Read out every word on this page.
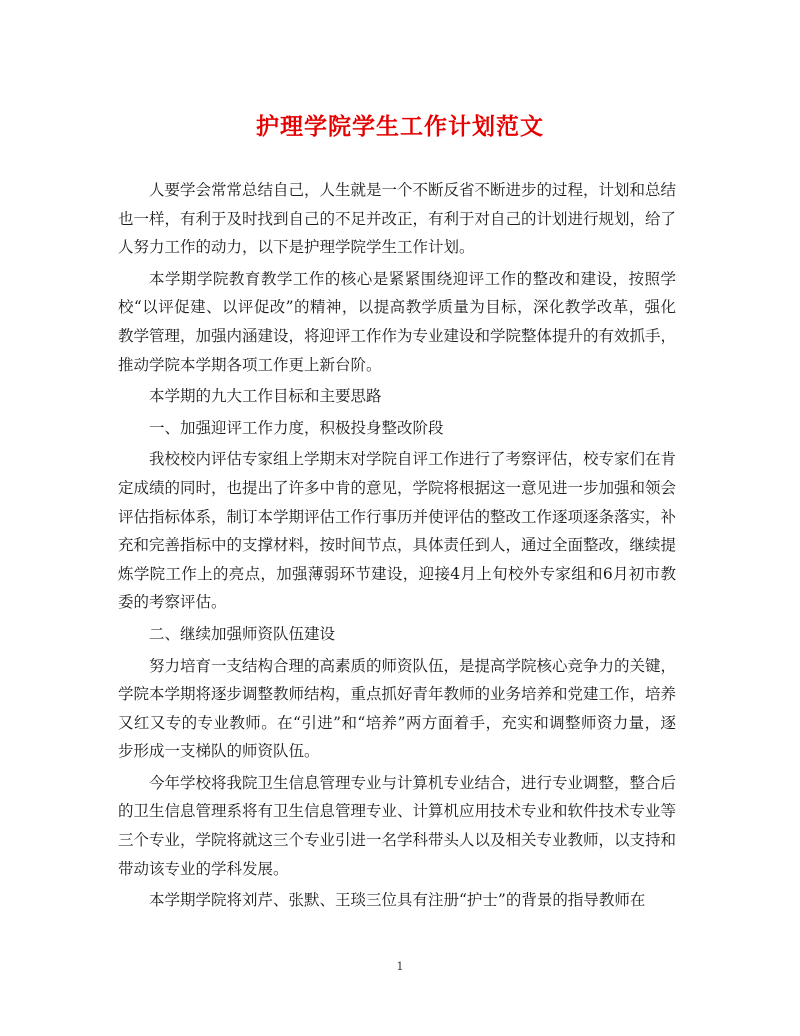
护理学院学生工作计划范文

人要学会常常总结自己，人生就是一个不断反省不断进步的过程，计划和总结也一样，有利于及时找到自己的不足并改正，有利于对自己的计划进行规划，给了人努力工作的动力，以下是护理学院学生工作计划。

本学期学院教育教学工作的核心是紧紧围绕迎评工作的整改和建设，按照学校“以评促建、以评促改”的精神，以提高教学质量为目标，深化教学改革，强化教学管理，加强内涵建设，将迎评工作作为专业建设和学院整体提升的有效抓手，推动学院本学期各项工作更上新台阶。

本学期的九大工作目标和主要思路

一、加强迎评工作力度，积极投身整改阶段

我校校内评估专家组上学期末对学院自评工作进行了考察评估，校专家们在肯定成绩的同时，也提出了许多中肯的意见，学院将根据这一意见进一步加强和领会 评估指标体系，制订本学期评估工作行事历并使评估的整改工作逐项逐条落实，补充和完善指标中的支撑材料，按时间节点，具体责任到人，通过全面整改，继续提 炼学院工作上的亮点，加强薄弱环节建设，迎接4月上旬校外专家组和6月初市教委的考察评估。

二、继续加强师资队伍建设

努力培育一支结构合理的高素质的师资队伍，是提高学院核心竞争力的关键，学院本学期将逐步调整教师结构，重点抓好青年教师的业务培养和党建工作，培养又红又专的专业教师。在“引进”和“培养”两方面着手，充实和调整师资力量，逐步形成一支梯队的师资队伍。

今年学校将我院卫生信息管理专业与计算机专业结合，进行专业调整，整合后的卫生信息管理系将有卫生信息管理专业、计算机应用技术专业和软件技术专业等三个专业，学院将就这三个专业引进一名学科带头人以及相关专业教师，以支持和带动该专业的学科发展。

本学期学院将刘芹、张默、王琰三位具有注册“护士”的背景的指导教师在

1
